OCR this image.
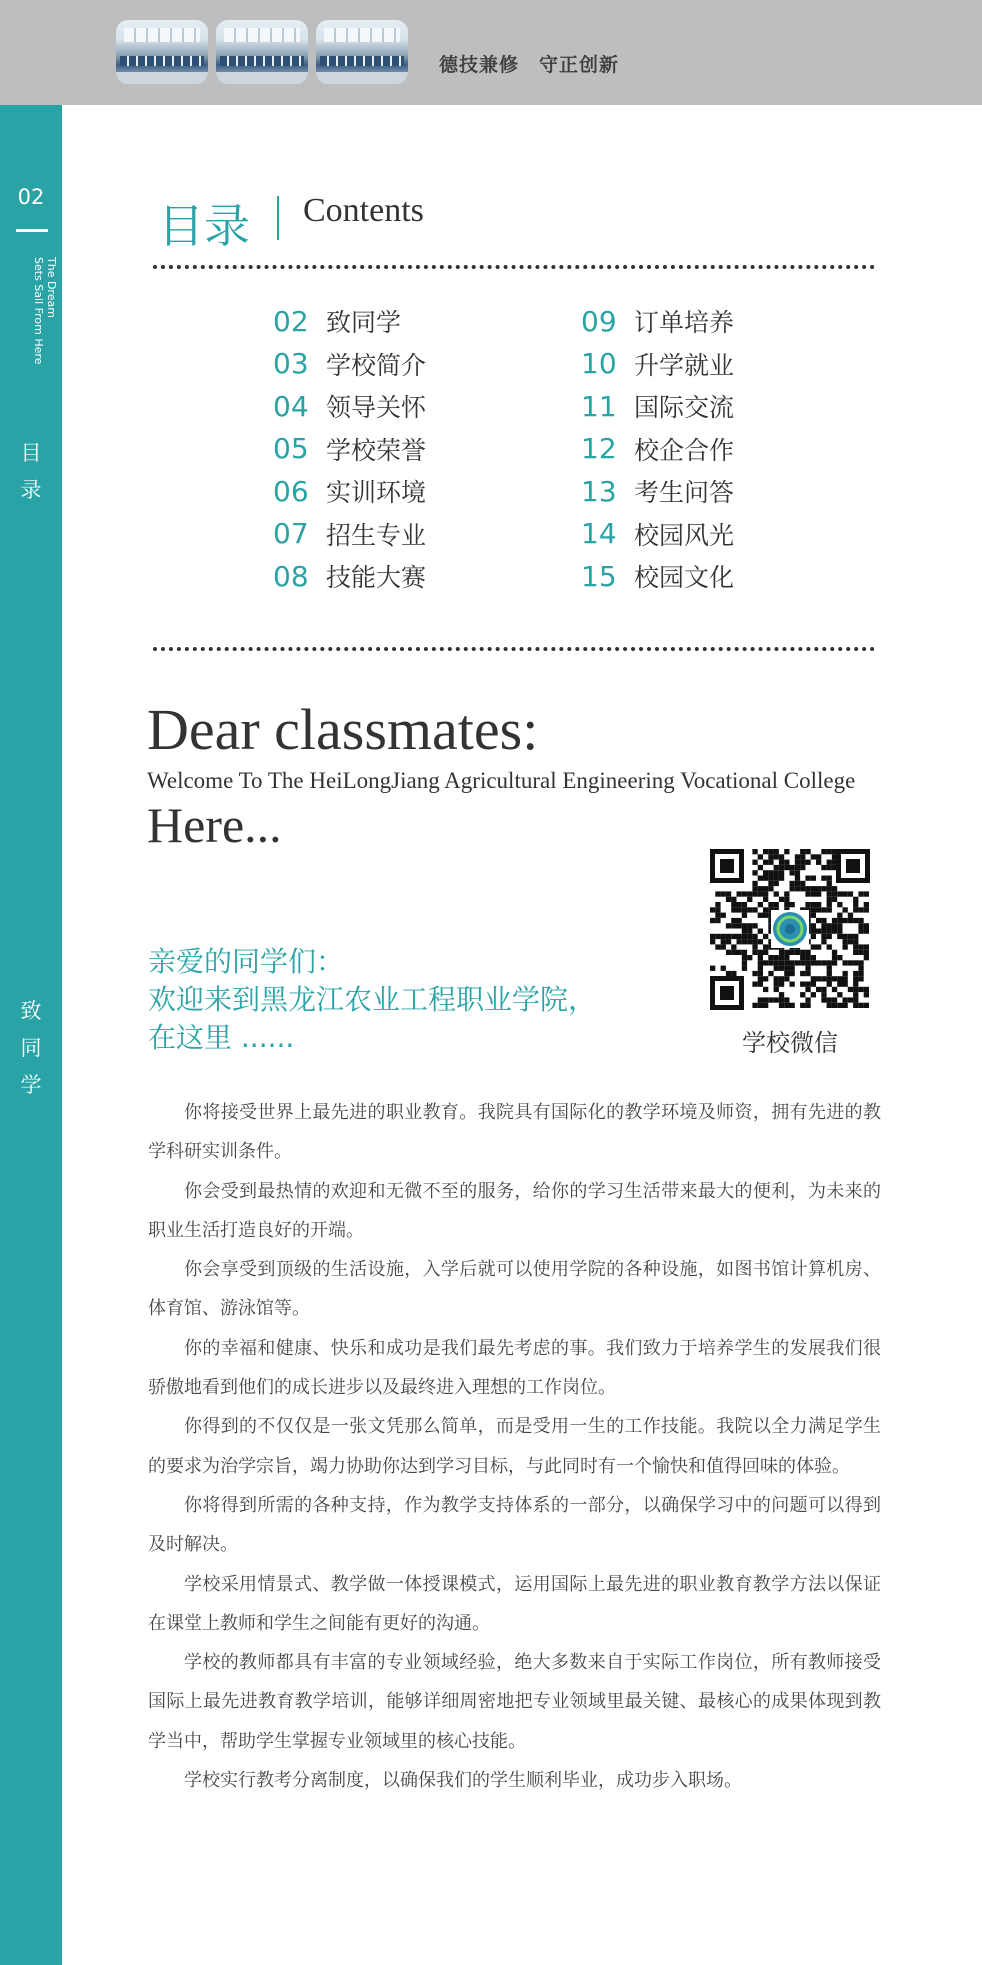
德技兼修　守正创新
02
The Dream
Sets Sail From Here
目
录
致
同
学
目录 Contents
02 致同学
03 学校简介
04 领导关怀
05 学校荣誉
06 实训环境
07 招生专业
08 技能大赛
09 订单培养
10 升学就业
11 国际交流
12 校企合作
13 考生问答
14 校园风光
15 校园文化
Dear classmates:
Welcome To The HeiLongJiang Agricultural Engineering Vocational College
Here...
亲爱的同学们：
欢迎来到黑龙江农业工程职业学院，
在这里 ......	学校微信

你将接受世界上最先进的职业教育。我院具有国际化的教学环境及师资，拥有先进的教学科研实训条件。

你会受到最热情的欢迎和无微不至的服务，给你的学习生活带来最大的便利，为未来的职业生活打造良好的开端。

你会享受到顶级的生活设施，入学后就可以使用学院的各种设施，如图书馆计算机房、体育馆、游泳馆等。

你的幸福和健康、快乐和成功是我们最先考虑的事。我们致力于培养学生的发展我们很骄傲地看到他们的成长进步以及最终进入理想的工作岗位。

你得到的不仅仅是一张文凭那么简单，而是受用一生的工作技能。我院以全力满足学生的要求为治学宗旨，竭力协助你达到学习目标，与此同时有一个愉快和值得回味的体验。

你将得到所需的各种支持，作为教学支持体系的一部分，以确保学习中的问题可以得到及时解决。

学校采用情景式、教学做一体授课模式，运用国际上最先进的职业教育教学方法以保证在课堂上教师和学生之间能有更好的沟通。

学校的教师都具有丰富的专业领域经验，绝大多数来自于实际工作岗位，所有教师接受国际上最先进教育教学培训，能够详细周密地把专业领域里最关键、最核心的成果体现到教学当中，帮助学生掌握专业领域里的核心技能。

学校实行教考分离制度，以确保我们的学生顺利毕业，成功步入职场。
